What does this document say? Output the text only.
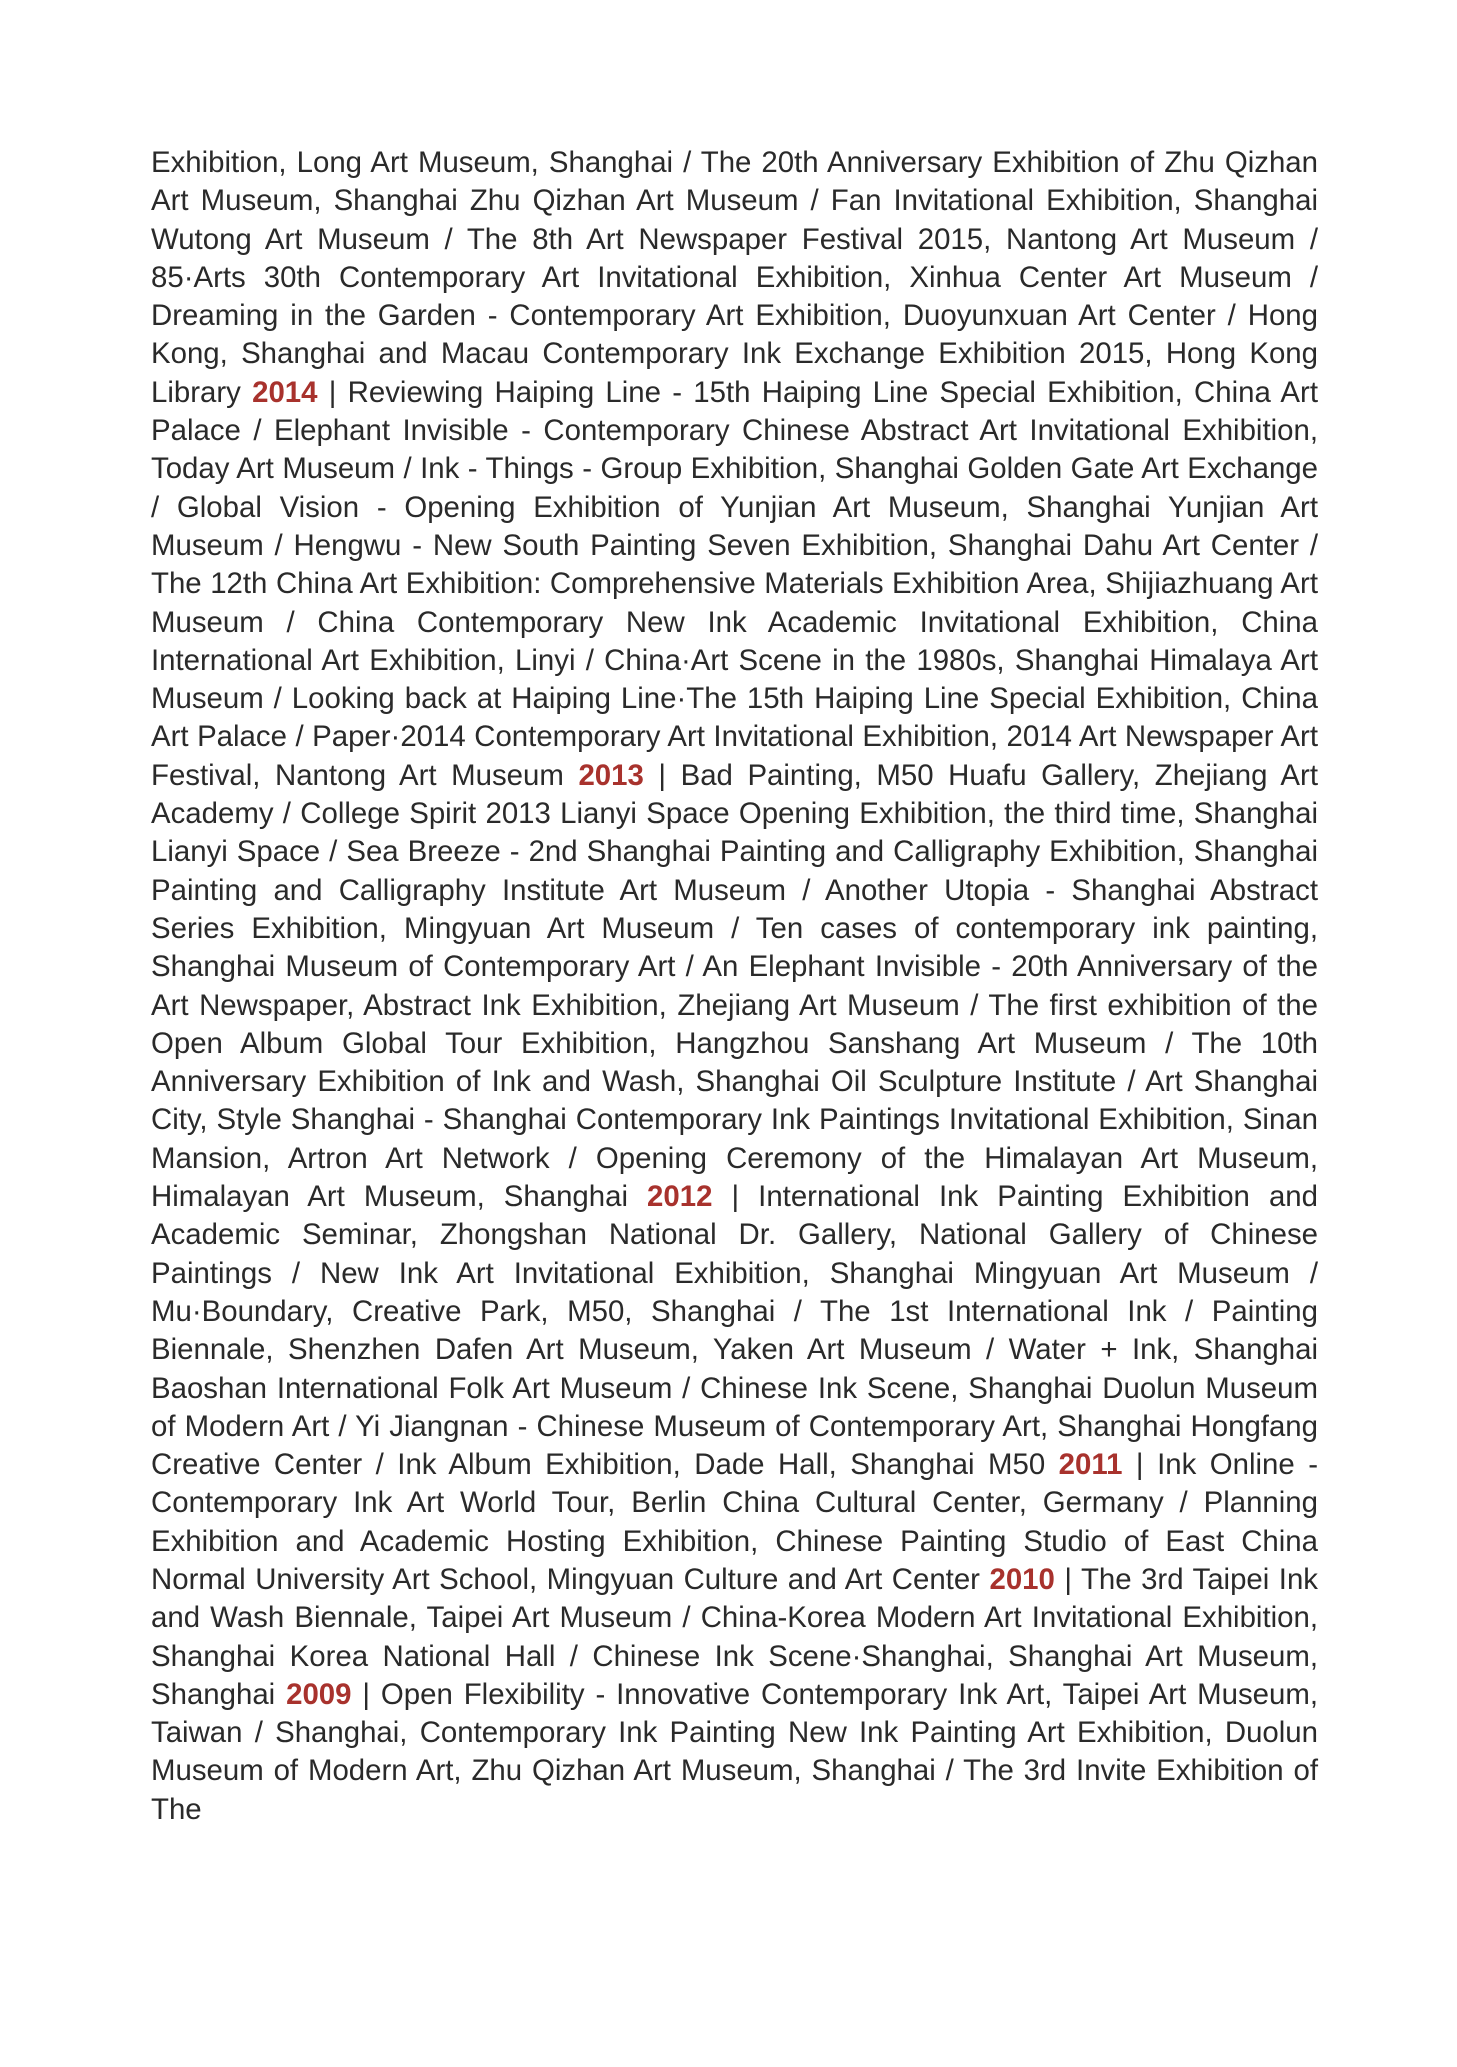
Exhibition, Long Art Museum, Shanghai / The 20th Anniversary Exhibition of Zhu Qizhan Art Museum, Shanghai Zhu Qizhan Art Museum / Fan Invitational Exhibition, Shanghai Wutong Art Museum / The 8th Art Newspaper Festival 2015, Nantong Art Museum / 85·Arts 30th Contemporary Art Invitational Exhibition, Xinhua Center Art Museum / Dreaming in the Garden - Contemporary Art Exhibition, Duoyunxuan Art Center / Hong Kong, Shanghai and Macau Contemporary Ink Exchange Exhibition 2015, Hong Kong Library 2014 | Reviewing Haiping Line - 15th Haiping Line Special Exhibition, China Art Palace / Elephant Invisible - Contemporary Chinese Abstract Art Invitational Exhibition, Today Art Museum / Ink - Things - Group Exhibition, Shanghai Golden Gate Art Exchange / Global Vision - Opening Exhibition of Yunjian Art Museum, Shanghai Yunjian Art Museum / Hengwu - New South Painting Seven Exhibition, Shanghai Dahu Art Center / The 12th China Art Exhibition: Comprehensive Materials Exhibition Area, Shijiazhuang Art Museum / China Contemporary New Ink Academic Invitational Exhibition, China International Art Exhibition, Linyi / China·Art Scene in the 1980s, Shanghai Himalaya Art Museum / Looking back at Haiping Line·The 15th Haiping Line Special Exhibition, China Art Palace / Paper·2014 Contemporary Art Invitational Exhibition, 2014 Art Newspaper Art Festival, Nantong Art Museum 2013 | Bad Painting, M50 Huafu Gallery, Zhejiang Art Academy / College Spirit 2013 Lianyi Space Opening Exhibition, the third time, Shanghai Lianyi Space / Sea Breeze - 2nd Shanghai Painting and Calligraphy Exhibition, Shanghai Painting and Calligraphy Institute Art Museum / Another Utopia - Shanghai Abstract Series Exhibition, Mingyuan Art Museum / Ten cases of contemporary ink painting, Shanghai Museum of Contemporary Art / An Elephant Invisible - 20th Anniversary of the Art Newspaper, Abstract Ink Exhibition, Zhejiang Art Museum / The first exhibition of the Open Album Global Tour Exhibition, Hangzhou Sanshang Art Museum / The 10th Anniversary Exhibition of Ink and Wash, Shanghai Oil Sculpture Institute / Art Shanghai City, Style Shanghai - Shanghai Contemporary Ink Paintings Invitational Exhibition, Sinan Mansion, Artron Art Network / Opening Ceremony of the Himalayan Art Museum, Himalayan Art Museum, Shanghai 2012 | International Ink Painting Exhibition and Academic Seminar, Zhongshan National Dr. Gallery, National Gallery of Chinese Paintings / New Ink Art Invitational Exhibition, Shanghai Mingyuan Art Museum / Mu·Boundary, Creative Park, M50, Shanghai / The 1st International Ink / Painting Biennale, Shenzhen Dafen Art Museum, Yaken Art Museum / Water + Ink, Shanghai Baoshan International Folk Art Museum / Chinese Ink Scene, Shanghai Duolun Museum of Modern Art / Yi Jiangnan - Chinese Museum of Contemporary Art, Shanghai Hongfang Creative Center / Ink Album Exhibition, Dade Hall, Shanghai M50 2011 | Ink Online - Contemporary Ink Art World Tour, Berlin China Cultural Center, Germany / Planning Exhibition and Academic Hosting Exhibition, Chinese Painting Studio of East China Normal University Art School, Mingyuan Culture and Art Center 2010 | The 3rd Taipei Ink and Wash Biennale, Taipei Art Museum / China-Korea Modern Art Invitational Exhibition, Shanghai Korea National Hall / Chinese Ink Scene·Shanghai, Shanghai Art Museum, Shanghai 2009 | Open Flexibility - Innovative Contemporary Ink Art, Taipei Art Museum, Taiwan / Shanghai, Contemporary Ink Painting New Ink Painting Art Exhibition, Duolun Museum of Modern Art, Zhu Qizhan Art Museum, Shanghai / The 3rd Invite Exhibition of The
